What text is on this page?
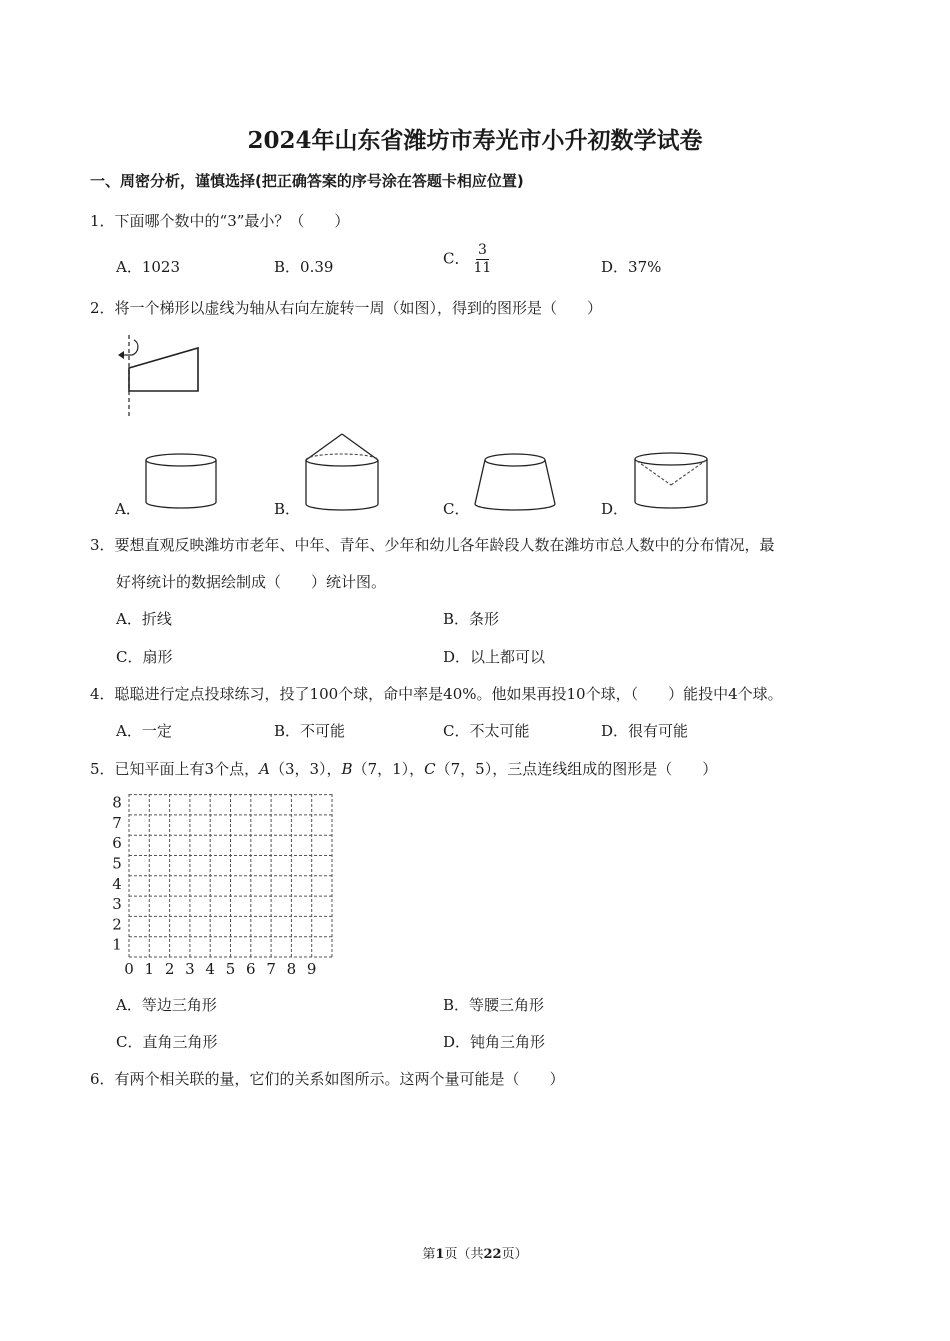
2024年山东省潍坊市寿光市小升初数学试卷
一、周密分析，谨慎选择(把正确答案的序号涂在答题卡相应位置)
1．下面哪个数中的“3”最小？（　　）
A．1023	B．0.39	C． $\frac{3}{11}$	D．37%
2．将一个梯形以虚线为轴从右向左旋转一周（如图），得到的图形是（　　）
A．	B．	C．	D．
3．要想直观反映潍坊市老年、中年、青年、少年和幼儿各年龄段人数在潍坊市总人数中的分布情况，最
好将统计的数据绘制成（　　）统计图。
A．折线	B．条形
C．扇形	D．以上都可以
4．聪聪进行定点投球练习，投了100个球，命中率是40%。他如果再投10个球，（　　）能投中4个球。
A．一定	B．不可能	C．不太可能	D．很有可能
5．已知平面上有3个点，A（3，3），B（7，1），C（7，5），三点连线组成的图形是（　　）
0 1 2 3 4 5 6 7 8 9
8
7
6
5
4
3
2
1
A．等边三角形	B．等腰三角形
C．直角三角形	D．钝角三角形
6．有两个相关联的量，它们的关系如图所示。这两个量可能是（　　）
第1页（共22页）
